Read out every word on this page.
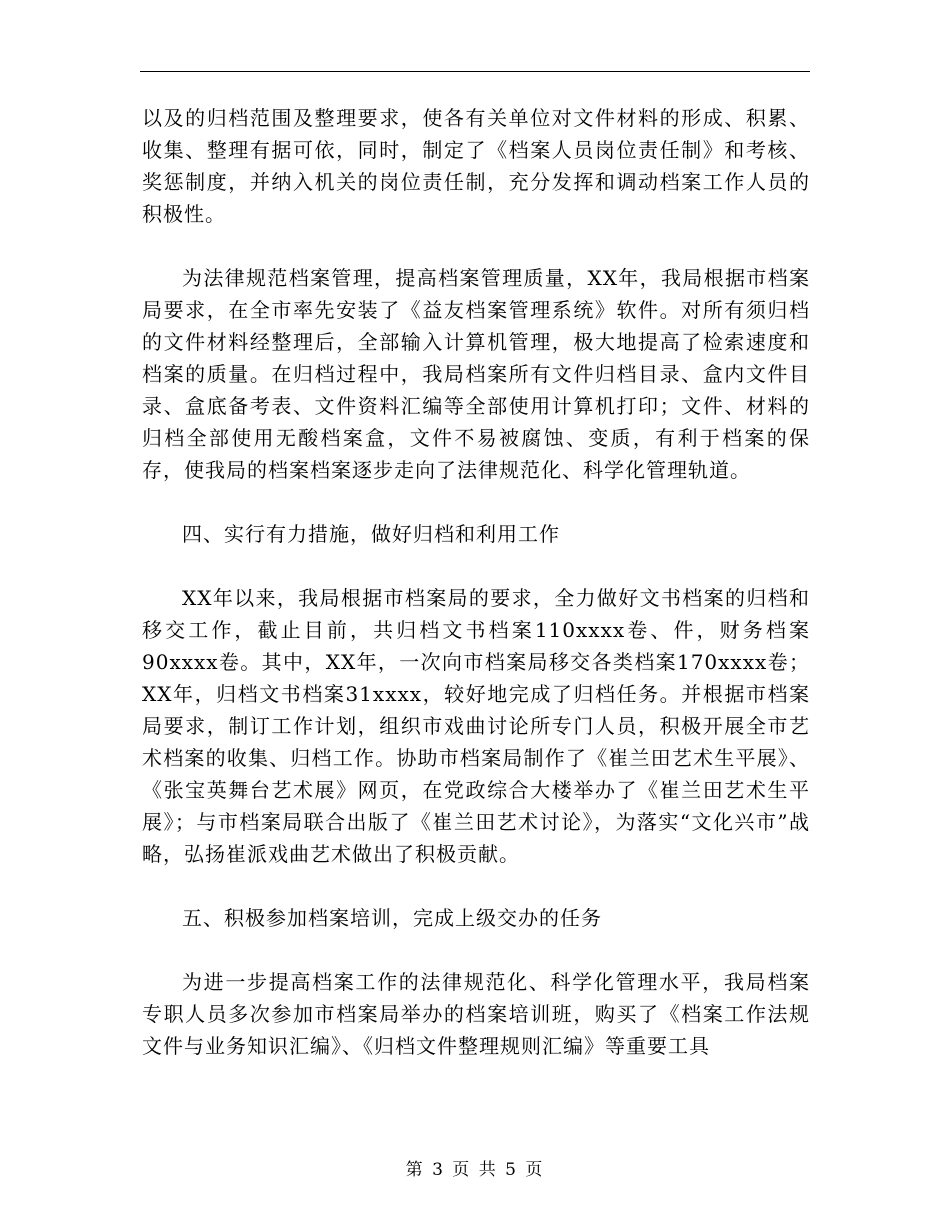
以及的归档范围及整理要求，使各有关单位对文件材料的形成、积累、收集、整理有据可依，同时，制定了《档案人员岗位责任制》和考核、奖惩制度，并纳入机关的岗位责任制，充分发挥和调动档案工作人员的积极性。

为法律规范档案管理，提高档案管理质量，XX年，我局根据市档案局要求，在全市率先安装了《益友档案管理系统》软件。对所有须归档的文件材料经整理后，全部输入计算机管理，极大地提高了检索速度和档案的质量。在归档过程中，我局档案所有文件归档目录、盒内文件目录、盒底备考表、文件资料汇编等全部使用计算机打印；文件、材料的归档全部使用无酸档案盒，文件不易被腐蚀、变质，有利于档案的保存，使我局的档案档案逐步走向了法律规范化、科学化管理轨道。

四、实行有力措施，做好归档和利用工作

XX年以来，我局根据市档案局的要求，全力做好文书档案的归档和移交工作，截止目前，共归档文书档案110xxxx卷、件，财务档案90xxxx卷。其中，XX年，一次向市档案局移交各类档案170xxxx卷；XX年，归档文书档案31xxxx，较好地完成了归档任务。并根据市档案局要求，制订工作计划，组织市戏曲讨论所专门人员，积极开展全市艺术档案的收集、归档工作。协助市档案局制作了《崔兰田艺术生平展》、《张宝英舞台艺术展》网页，在党政综合大楼举办了《崔兰田艺术生平展》；与市档案局联合出版了《崔兰田艺术讨论》，为落实“文化兴市”战略，弘扬崔派戏曲艺术做出了积极贡献。

五、积极参加档案培训，完成上级交办的任务

为进一步提高档案工作的法律规范化、科学化管理水平，我局档案专职人员多次参加市档案局举办的档案培训班，购买了《档案工作法规文件与业务知识汇编》、《归档文件整理规则汇编》等重要工具

第 3 页 共 5 页
